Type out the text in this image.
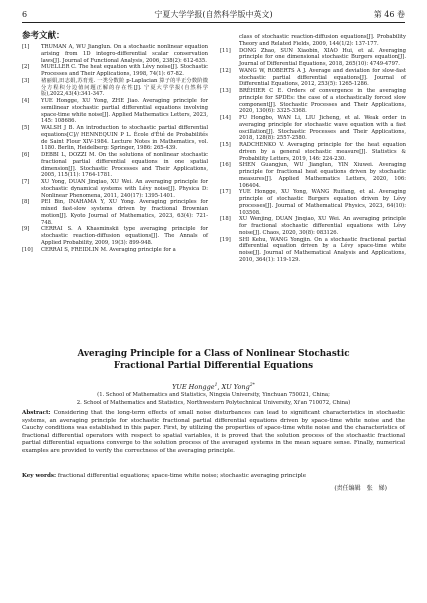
6	宁夏大学学报(自然科学版中英文)	第 46 卷
参考文献：
[1] TRUMAN A, WU Jianglun. On a stochastic nonlinear equation arising from 1D integro-differential scalar conservation laws[J]. Journal of Functional Analysis, 2006, 238(2): 612-635.
[2] MUELLER C. The heat equation with Lévy noise[J]. Stochastic Processes and Their Applications, 1998, 74(1): 67-82.
[3] 褚丽娟,田志娟,苏育莲. 一类分数阶 p-Laplacian 算子的半正分数阶微分方程积分边值问题正解的存在性[J]. 宁夏大学学报(自然科学版),2022,43(4):341-347.
[4] YUE Hongge, XU Yong, ZHE Jiao. Averaging principle for semilinear stochastic partial differential equations involving space-time white noise[J]. Applied Mathematics Letters, 2023, 145: 108686.
[5] WALSH J B. An introduction to stochastic partial differential equations[C]// HENNEQUIN P L. École d'Été de Probabilités de Saint Flour XIV-1984. Lecture Notes in Mathematics, vol. 1180. Berlin, Heidelberg: Springer, 1986: 265-439.
[6] DEBBI L, DOZZI M. On the solutions of nonlinear stochastic fractional partial differential equations in one spatial dimension[J]. Stochastic Processes and Their Applications, 2005, 115(11): 1764-1781.
[7] XU Yong, DUAN Jinqiao, XU Wei. An averaging principle for stochastic dynamical systems with Lévy noise[J]. Physica D: Nonlinear Phenomena, 2011, 240(17): 1395-1401.
[8] PEI Bin, INAHAMA Y, XU Yong. Averaging principles for mixed fast-slow systems driven by fractional Brownian motion[J]. Kyoto Journal of Mathematics, 2023, 63(4): 721-748.
[9] CERRAI S. A Khasminskii type averaging principle for stochastic reaction-diffusion equations[J]. The Annals of Applied Probability, 2009, 19(3): 899-948.
[10] CERRAI S, FREIDLIN M. Averaging principle for a
class of stochastic reaction-diffusion equations[J]. Probability Theory and Related Fields, 2009, 144(1/2): 137-177.
[11] DONG Zhao, SUN Xiaobin, XIAO Hui, et al. Averaging principle for one dimensional stochastic Burgers equation[J]. Journal of Differential Equations, 2018, 265(10): 4749-4797.
[12] WANG W, ROBERTS A J. Average and deviation for slow-fast stochastic partial differential equations[J]. Journal of Differential Equations, 2012, 253(5): 1265-1286.
[13] BRÉHIER C E. Orders of convergence in the averaging principle for SPDEs: the case of a stochastically forced slow component[J]. Stochastic Processes and Their Applications, 2020, 130(6): 3325-3368.
[14] FU Hongbo, WAN Li, LIU Jicheng, et al. Weak order in averaging principle for stochastic wave equation with a fast oscillation[J]. Stochastic Processes and Their Applications, 2018, 128(8): 2557-2580.
[15] RADCHENKO V. Averaging principle for the heat equation driven by a general stochastic measure[J]. Statistics & Probability Letters, 2019, 146: 224-230.
[16] SHEN Guangjun, WU Jianglun, YIN Xiuwei. Averaging principle for fractional heat equations driven by stochastic measures[J]. Applied Mathematics Letters, 2020, 106: 106404.
[17] YUE Hongge, XU Yong, WANG Ruifang, et al. Averaging principle of stochastic Burgers equation driven by Lévy processes[J]. Journal of Mathematical Physics, 2023, 64(10): 103508.
[18] XU Wenjing, DUAN Jinqiao, XU Wei. An averaging principle for fractional stochastic differential equations with Lévy noise[J]. Chaos, 2020, 30(8): 083126.
[19] SHI Kehu, WANG Yongjin. On a stochastic fractional partial differential equation driven by a Lévy space-time white noise[J]. Journal of Mathematical Analysis and Applications, 2010, 364(1): 119-129.
Averaging Principle for a Class of Nonlinear Stochastic
Fractional Partial Differential Equations
YUE Hongge$^1$, XU Yong$^{2*}$
(1. School of Mathematics and Statistics, Ningxia University, Yinchuan 750021, China;
2. School of Mathematics and Statistics, Northwestern Polytechnical University, Xi'an 710072, China)
Abstract: Considering that the long-term effects of small noise disturbances can lead to significant characteristics in stochastic systems, an averaging principle for stochastic fractional partial differential equations driven by space-time white noise and the Cauchy conditions was established in this paper. First, by utilizing the properties of space-time white noise and the characteristics of fractional differential operators with respect to spatial variables, it is proved that the solution process of the stochastic fractional partial differential equations converge to the solution process of the averaged systems in the mean square sense. Finally, numerical examples are provided to verify the correctness of the averaging principle.
Key words: fractional differential equations; space-time white noise; stochastic averaging principle
(责任编辑　张　娣)
